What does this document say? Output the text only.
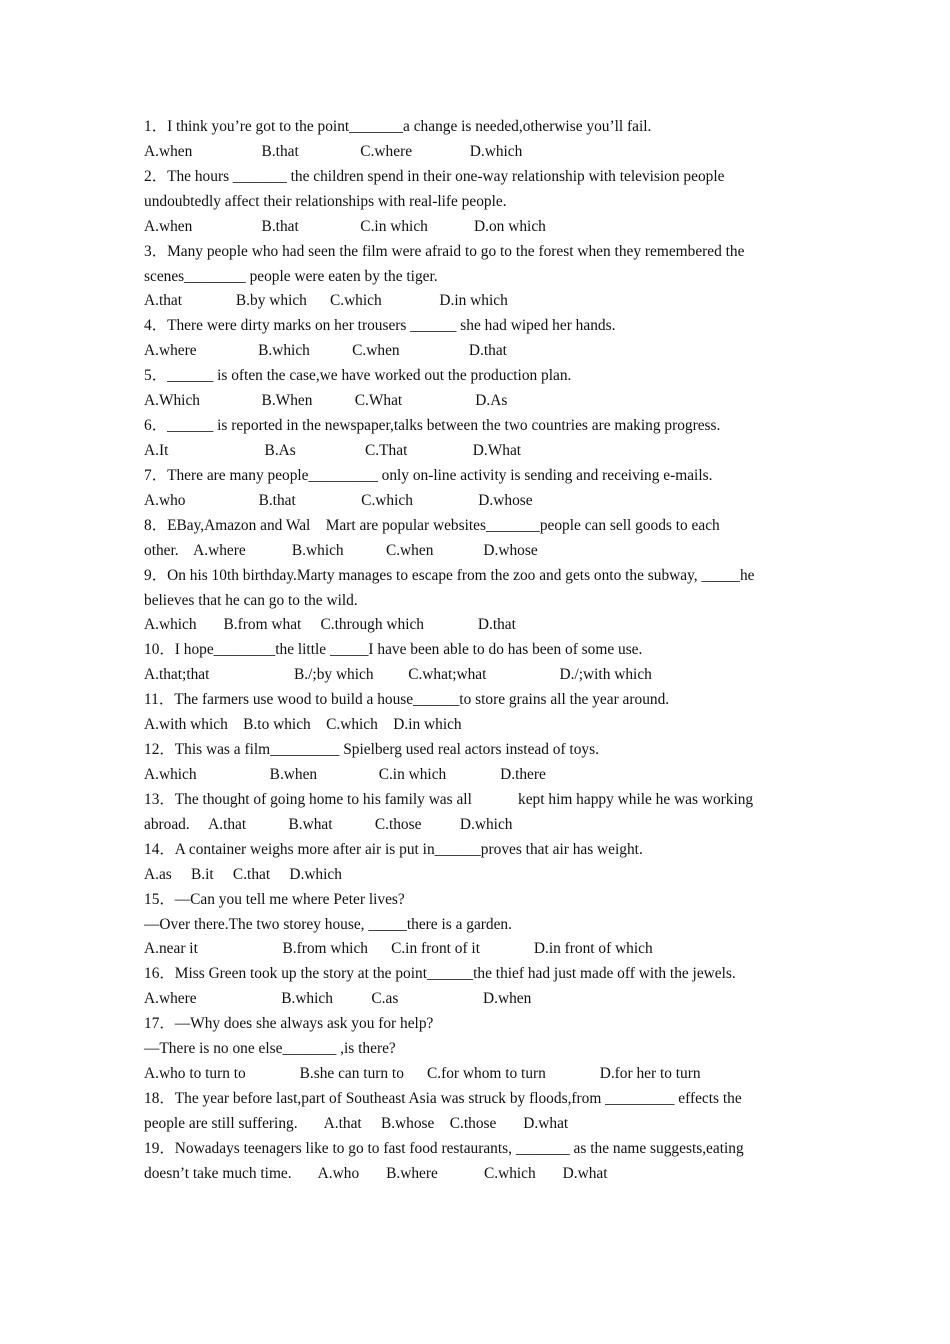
1．I think you’re got to the point_______a change is needed,otherwise you’ll fail.
A.when                  B.that                C.where               D.which
2．The hours _______ the children spend in their one-way relationship with television people
undoubtedly affect their relationships with real-life people.
A.when                  B.that                C.in which            D.on which
3．Many people who had seen the film were afraid to go to the forest when they remembered the
scenes________ people were eaten by the tiger.
A.that              B.by which      C.which               D.in which
4．There were dirty marks on her trousers ______ she had wiped her hands.
A.where                B.which           C.when                  D.that
5．______ is often the case,we have worked out the production plan.
A.Which                B.When           C.What                   D.As
6．______ is reported in the newspaper,talks between the two countries are making progress.
A.It                         B.As                  C.That                 D.What
7．There are many people_________ only on-line activity is sending and receiving e-mails.
A.who                   B.that                 C.which                 D.whose
8．EBay,Amazon and Wal    Mart are popular websites_______people can sell goods to each
other.    A.where            B.which           C.when             D.whose
9．On his 10th birthday.Marty manages to escape from the zoo and gets onto the subway, _____he
believes that he can go to the wild.
A.which       B.from what     C.through which              D.that
10．I hope________the little _____I have been able to do has been of some use.
A.that;that                      B./;by which         C.what;what                   D./;with which
11．The farmers use wood to build a house______to store grains all the year around.
A.with which    B.to which    C.which    D.in which
12．This was a film_________ Spielberg used real actors instead of toys.
A.which                   B.when                C.in which              D.there
13．The thought of going home to his family was all            kept him happy while he was working
abroad.     A.that           B.what           C.those          D.which
14．A container weighs more after air is put in______proves that air has weight.
A.as     B.it     C.that     D.which
15．—Can you tell me where Peter lives?
—Over there.The two storey house, _____there is a garden.
A.near it                      B.from which      C.in front of it              D.in front of which
16．Miss Green took up the story at the point______the thief had just made off with the jewels.
A.where                      B.which          C.as                      D.when
17．—Why does she always ask you for help?
—There is no one else_______ ,is there?
A.who to turn to              B.she can turn to      C.for whom to turn              D.for her to turn
18．The year before last,part of Southeast Asia was struck by floods,from _________ effects the
people are still suffering.       A.that     B.whose    C.those       D.what
19．Nowadays teenagers like to go to fast food restaurants, _______ as the name suggests,eating
doesn’t take much time.       A.who       B.where            C.which       D.what
